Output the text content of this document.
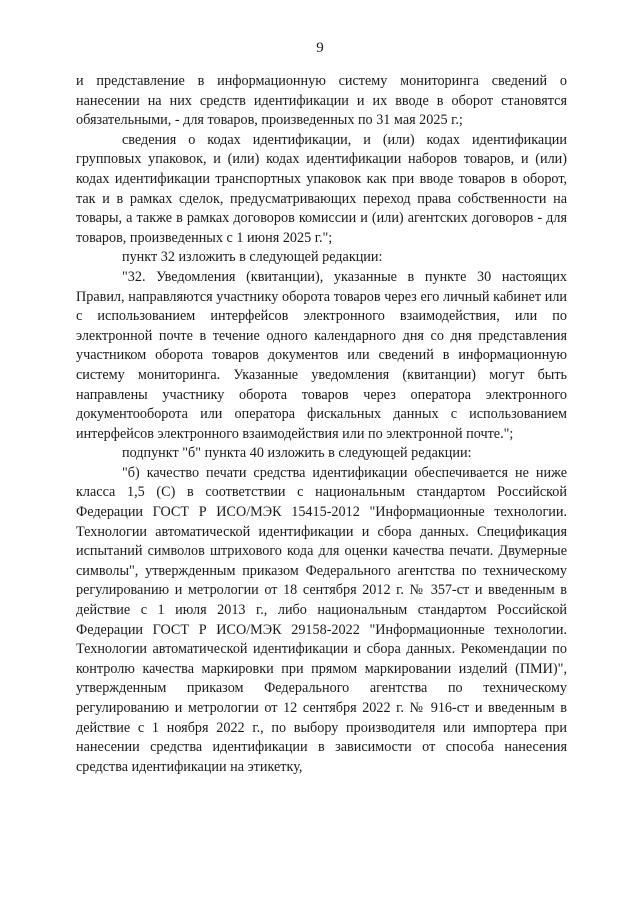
9

и представление в информационную систему мониторинга сведений о нанесении на них средств идентификации и их вводе в оборот становятся обязательными, - для товаров, произведенных по 31 мая 2025 г.;

сведения о кодах идентификации, и (или) кодах идентификации групповых упаковок, и (или) кодах идентификации наборов товаров, и (или) кодах идентификации транспортных упаковок как при вводе товаров в оборот, так и в рамках сделок, предусматривающих переход права собственности на товары, а также в рамках договоров комиссии и (или) агентских договоров - для товаров, произведенных с 1 июня 2025 г.";

пункт 32 изложить в следующей редакции:

"32. Уведомления (квитанции), указанные в пункте 30 настоящих Правил, направляются участнику оборота товаров через его личный кабинет или с использованием интерфейсов электронного взаимодействия, или по электронной почте в течение одного календарного дня со дня представления участником оборота товаров документов или сведений в информационную систему мониторинга. Указанные уведомления (квитанции) могут быть направлены участнику оборота товаров через оператора электронного документооборота или оператора фискальных данных с использованием интерфейсов электронного взаимодействия или по электронной почте.";

подпункт "б" пункта 40 изложить в следующей редакции:

"б) качество печати средства идентификации обеспечивается не ниже класса 1,5 (C) в соответствии с национальным стандартом Российской Федерации ГОСТ Р ИСО/МЭК 15415-2012 "Информационные технологии. Технологии автоматической идентификации и сбора данных. Спецификация испытаний символов штрихового кода для оценки качества печати. Двумерные символы", утвержденным приказом Федерального агентства по техническому регулированию и метрологии от 18 сентября 2012 г. № 357-ст и введенным в действие с 1 июля 2013 г., либо национальным стандартом Российской Федерации ГОСТ Р ИСО/МЭК 29158-2022 "Информационные технологии. Технологии автоматической идентификации и сбора данных. Рекомендации по контролю качества маркировки при прямом маркировании изделий (ПМИ)", утвержденным приказом Федерального агентства по техническому регулированию и метрологии от 12 сентября 2022 г. № 916-ст и введенным в действие с 1 ноября 2022 г., по выбору производителя или импортера при нанесении средства идентификации в зависимости от способа нанесения средства идентификации на этикетку,
